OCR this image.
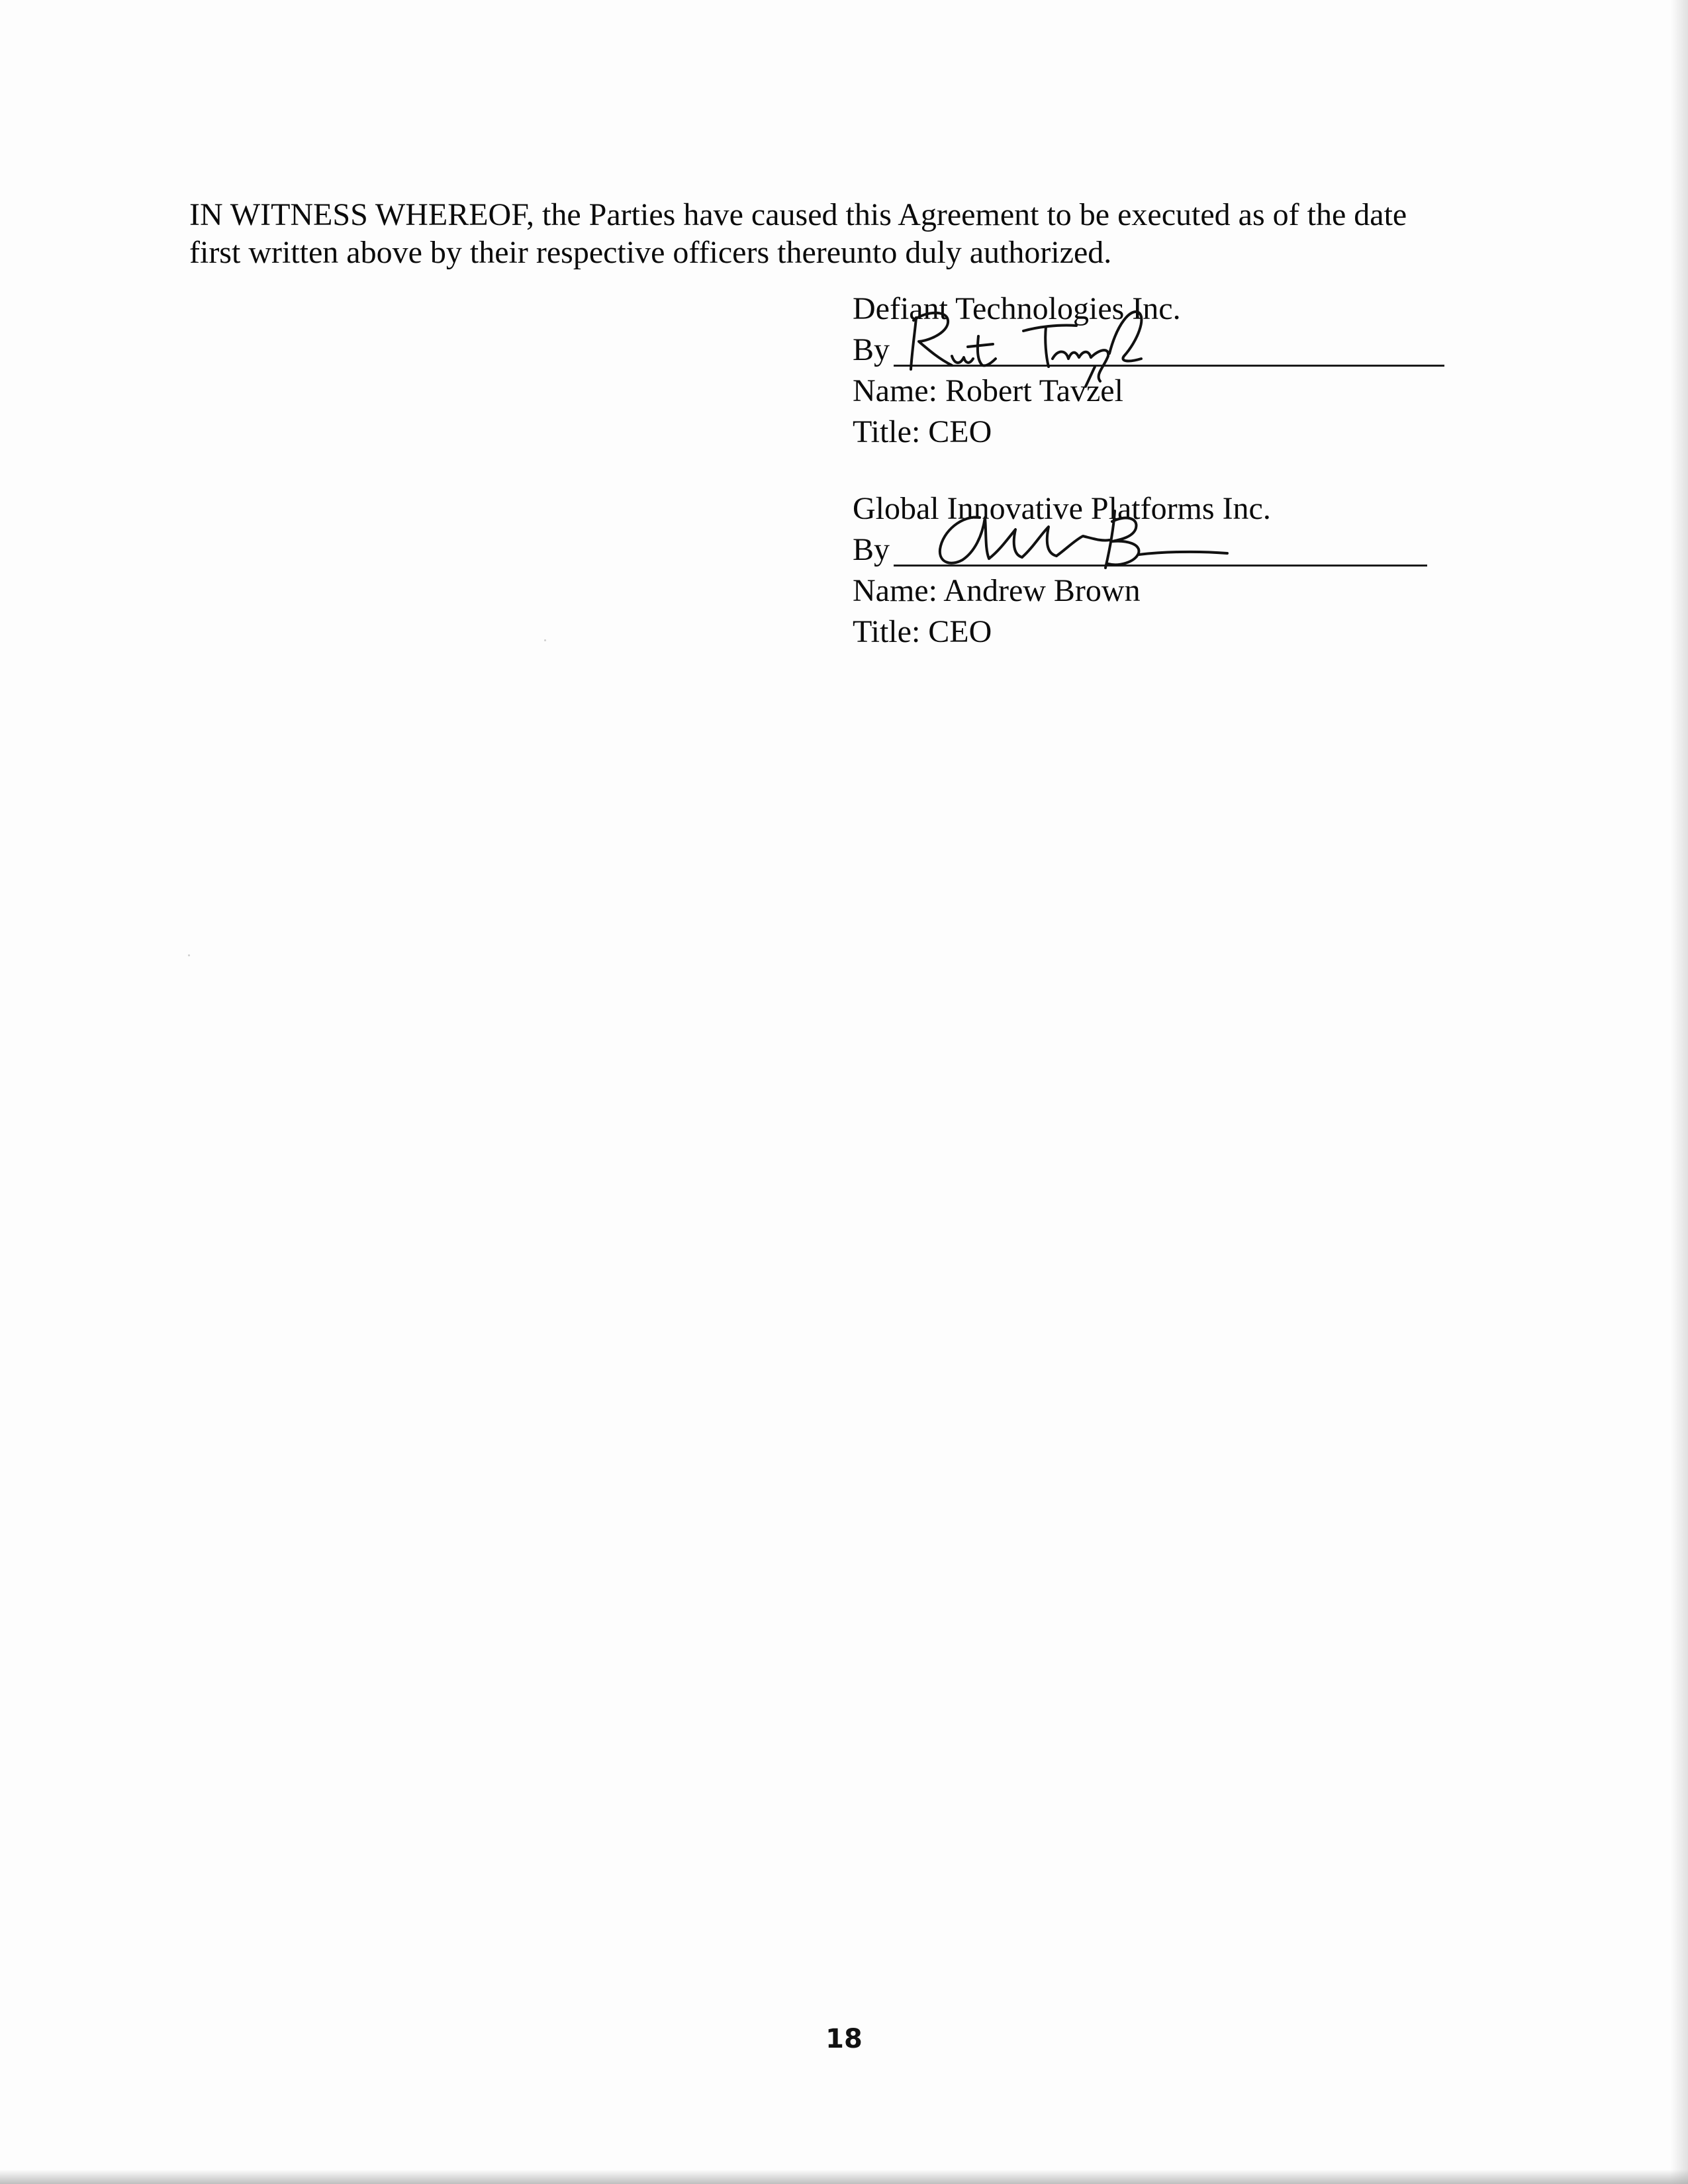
IN WITNESS WHEREOF, the Parties have caused this Agreement to be executed as of the date

first written above by their respective officers thereunto duly authorized.

Defiant Technologies Inc.
By
Name: Robert Tavzel
Title: CEO
Global Innovative Platforms Inc.
By
Name: Andrew Brown
Title: CEO
18
